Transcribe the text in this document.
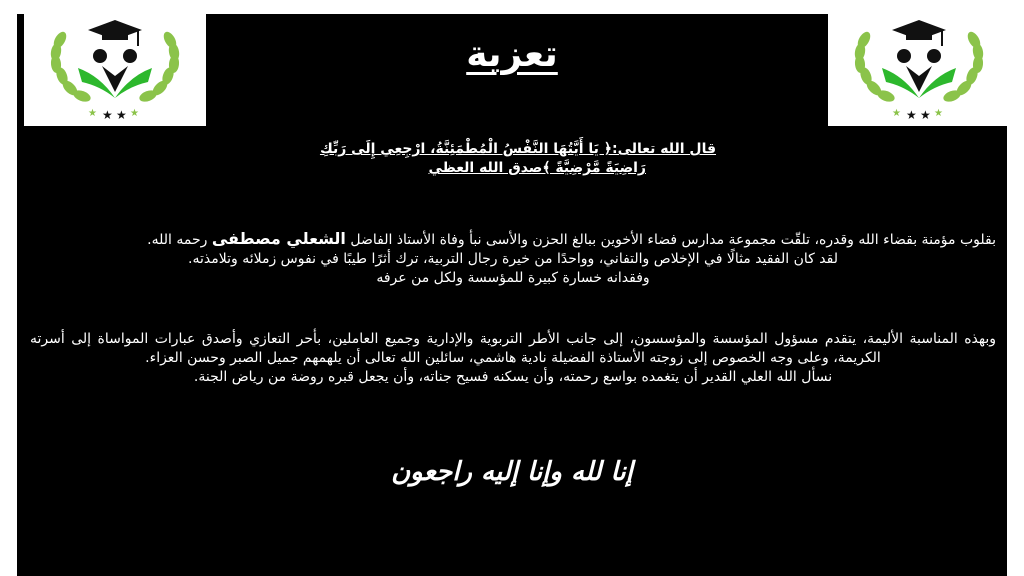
★ ★ ★ ★	★ ★ ★ ★
تعزية
قال الله تعالى:﴿ يَا أَيَّتُهَا النَّفْسُ الْمُطْمَئِنَّةُ، ارْجِعِي إِلَى رَبِّكِ
رَاضِيَةً مَّرْضِيَّةً ﴾صدق الله العظي
بقلوب مؤمنة بقضاء الله وقدره، تلقّت مجموعة مدارس فضاء الأخوين ببالغ الحزن والأسى نبأ وفاة الأستاذ الفاضل الشعلي مصطفى رحمه الله.
لقد كان الفقيد مثالًا في الإخلاص والتفاني، وواحدًا من خيرة رجال التربية، ترك أثرًا طيبًا في نفوس زملائه وتلامذته.
وفقدانه خسارة كبيرة للمؤسسة ولكل من عرفه
وبهذه المناسبة الأليمة، يتقدم مسؤول المؤسسة والمؤسسون، إلى جانب الأطر التربوية والإدارية وجميع العاملين، بأحر التعازي وأصدق عبارات المواساة إلى أسرته الكريمة، وعلى وجه الخصوص إلى زوجته الأستاذة الفضيلة نادية هاشمي، سائلين الله تعالى أن يلهمهم جميل الصبر وحسن العزاء.
نسأل الله العلي القدير أن يتغمده بواسع رحمته، وأن يسكنه فسيح جناته، وأن يجعل قبره روضة من رياض الجنة.
إنا لله وإنا إليه راجعون
